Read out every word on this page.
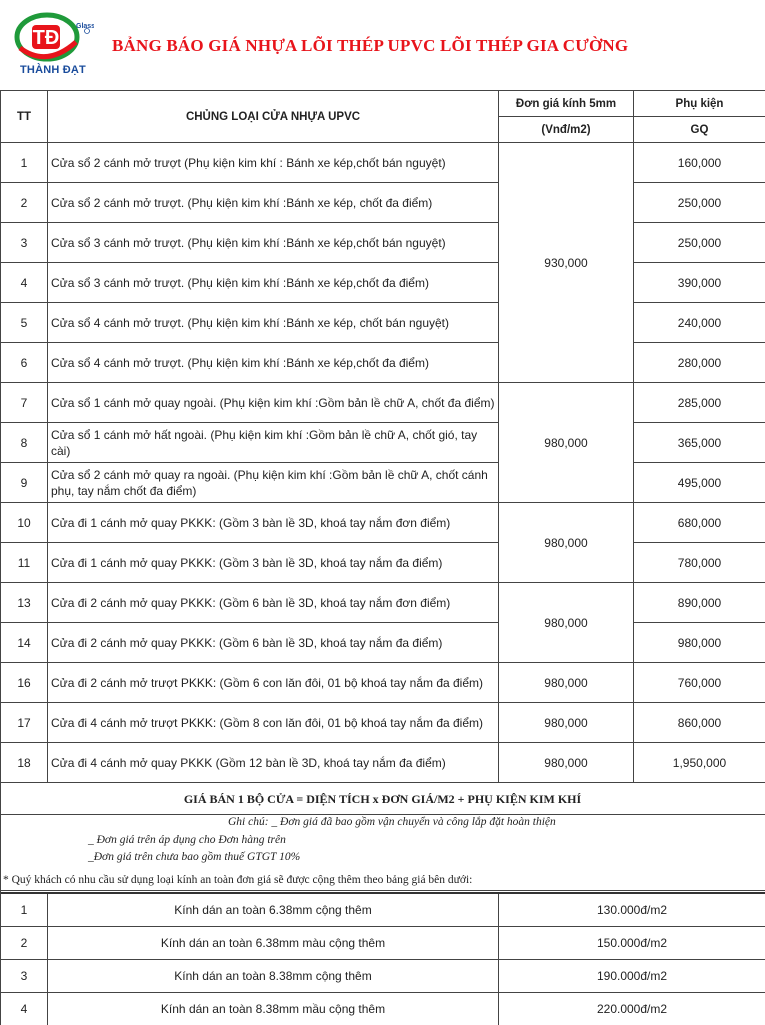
TĐ
Glass
THÀNH ĐẠT
BẢNG BÁO GIÁ NHỰA LÕI THÉP UPVC LÕI THÉP GIA CƯỜNG
TT	CHỦNG LOẠI CỬA NHỰA UPVC	Đơn giá kính 5mm	Phụ kiện
		(Vnđ/m2)	GQ
1	Cửa sổ 2 cánh mở trượt (Phụ kiện kim khí : Bánh xe kép,chốt bán nguyệt)	930,000	160,000
2	Cửa sổ 2 cánh mở trượt. (Phụ kiện kim khí :Bánh xe kép, chốt đa điểm)		250,000
3	Cửa sổ 3 cánh mở trượt. (Phụ kiện kim khí :Bánh xe kép,chốt bán nguyệt)		250,000
4	Cửa sổ 3 cánh mở trượt. (Phụ kiện kim khí :Bánh xe kép,chốt đa điểm)		390,000
5	Cửa sổ 4 cánh mở trượt. (Phụ kiện kim khí :Bánh xe kép, chốt bán nguyệt)		240,000
6	Cửa sổ 4 cánh mở trượt. (Phụ kiện kim khí :Bánh xe kép,chốt đa điểm)		280,000
7	Cửa sổ 1 cánh mở quay ngoài. (Phụ kiện kim khí :Gồm bản lề chữ A, chốt đa điểm)	980,000	285,000
8	Cửa sổ 1 cánh mở hất ngoài. (Phụ kiện kim khí :Gồm bản lề chữ A, chốt gió, tay cài)		365,000
9	Cửa sổ 2 cánh mở quay ra ngoài. (Phụ kiện kim khí :Gồm bản lề chữ A, chốt cánh phụ, tay nắm chốt đa điểm)		495,000
10	Cửa đi 1 cánh mở quay PKKK: (Gồm 3 bàn lề 3D, khoá tay nắm đơn điểm)	980,000	680,000
11	Cửa đi 1 cánh mở quay PKKK: (Gồm 3 bàn lề 3D, khoá tay nắm đa điểm)		780,000
13	Cửa đi 2 cánh mở quay PKKK: (Gồm 6 bàn lề 3D, khoá tay nắm đơn điểm)	980,000	890,000
14	Cửa đi 2 cánh mở quay PKKK: (Gồm 6 bàn lề 3D, khoá tay nắm đa điểm)		980,000
16	Cửa đi 2 cánh mở trượt PKKK: (Gồm 6 con lăn đôi, 01 bộ khoá tay nắm đa điểm)	980,000	760,000
17	Cửa đi 4 cánh mở trượt PKKK: (Gồm 8 con lăn đôi, 01 bộ khoá tay nắm đa điểm)	980,000	860,000
18	Cửa đi 4 cánh mở quay PKKK (Gồm 12 bàn lề 3D, khoá tay nắm đa điểm)	980,000	1,950,000
GIÁ BÁN 1 BỘ CỬA = DIỆN TÍCH x ĐƠN GIÁ/M2 + PHỤ KIỆN KIM KHÍ
Ghi chú: _ Đơn giá đã bao gồm vận chuyển và công lắp đặt hoàn thiện
_ Đơn giá trên áp dụng cho Đơn hàng trên
_Đơn giá trên chưa bao gồm thuế GTGT 10%
* Quý khách có nhu cầu sử dụng loại kính an toàn đơn giá sẽ được cộng thêm theo bảng giá bên dưới:
1	Kính dán an toàn 6.38mm cộng thêm	130.000đ/m2
2	Kính dán an toàn 6.38mm màu cộng thêm	150.000đ/m2
3	Kính dán an toàn 8.38mm cộng thêm	190.000đ/m2
4	Kính dán an toàn 8.38mm mầu cộng thêm	220.000đ/m2
